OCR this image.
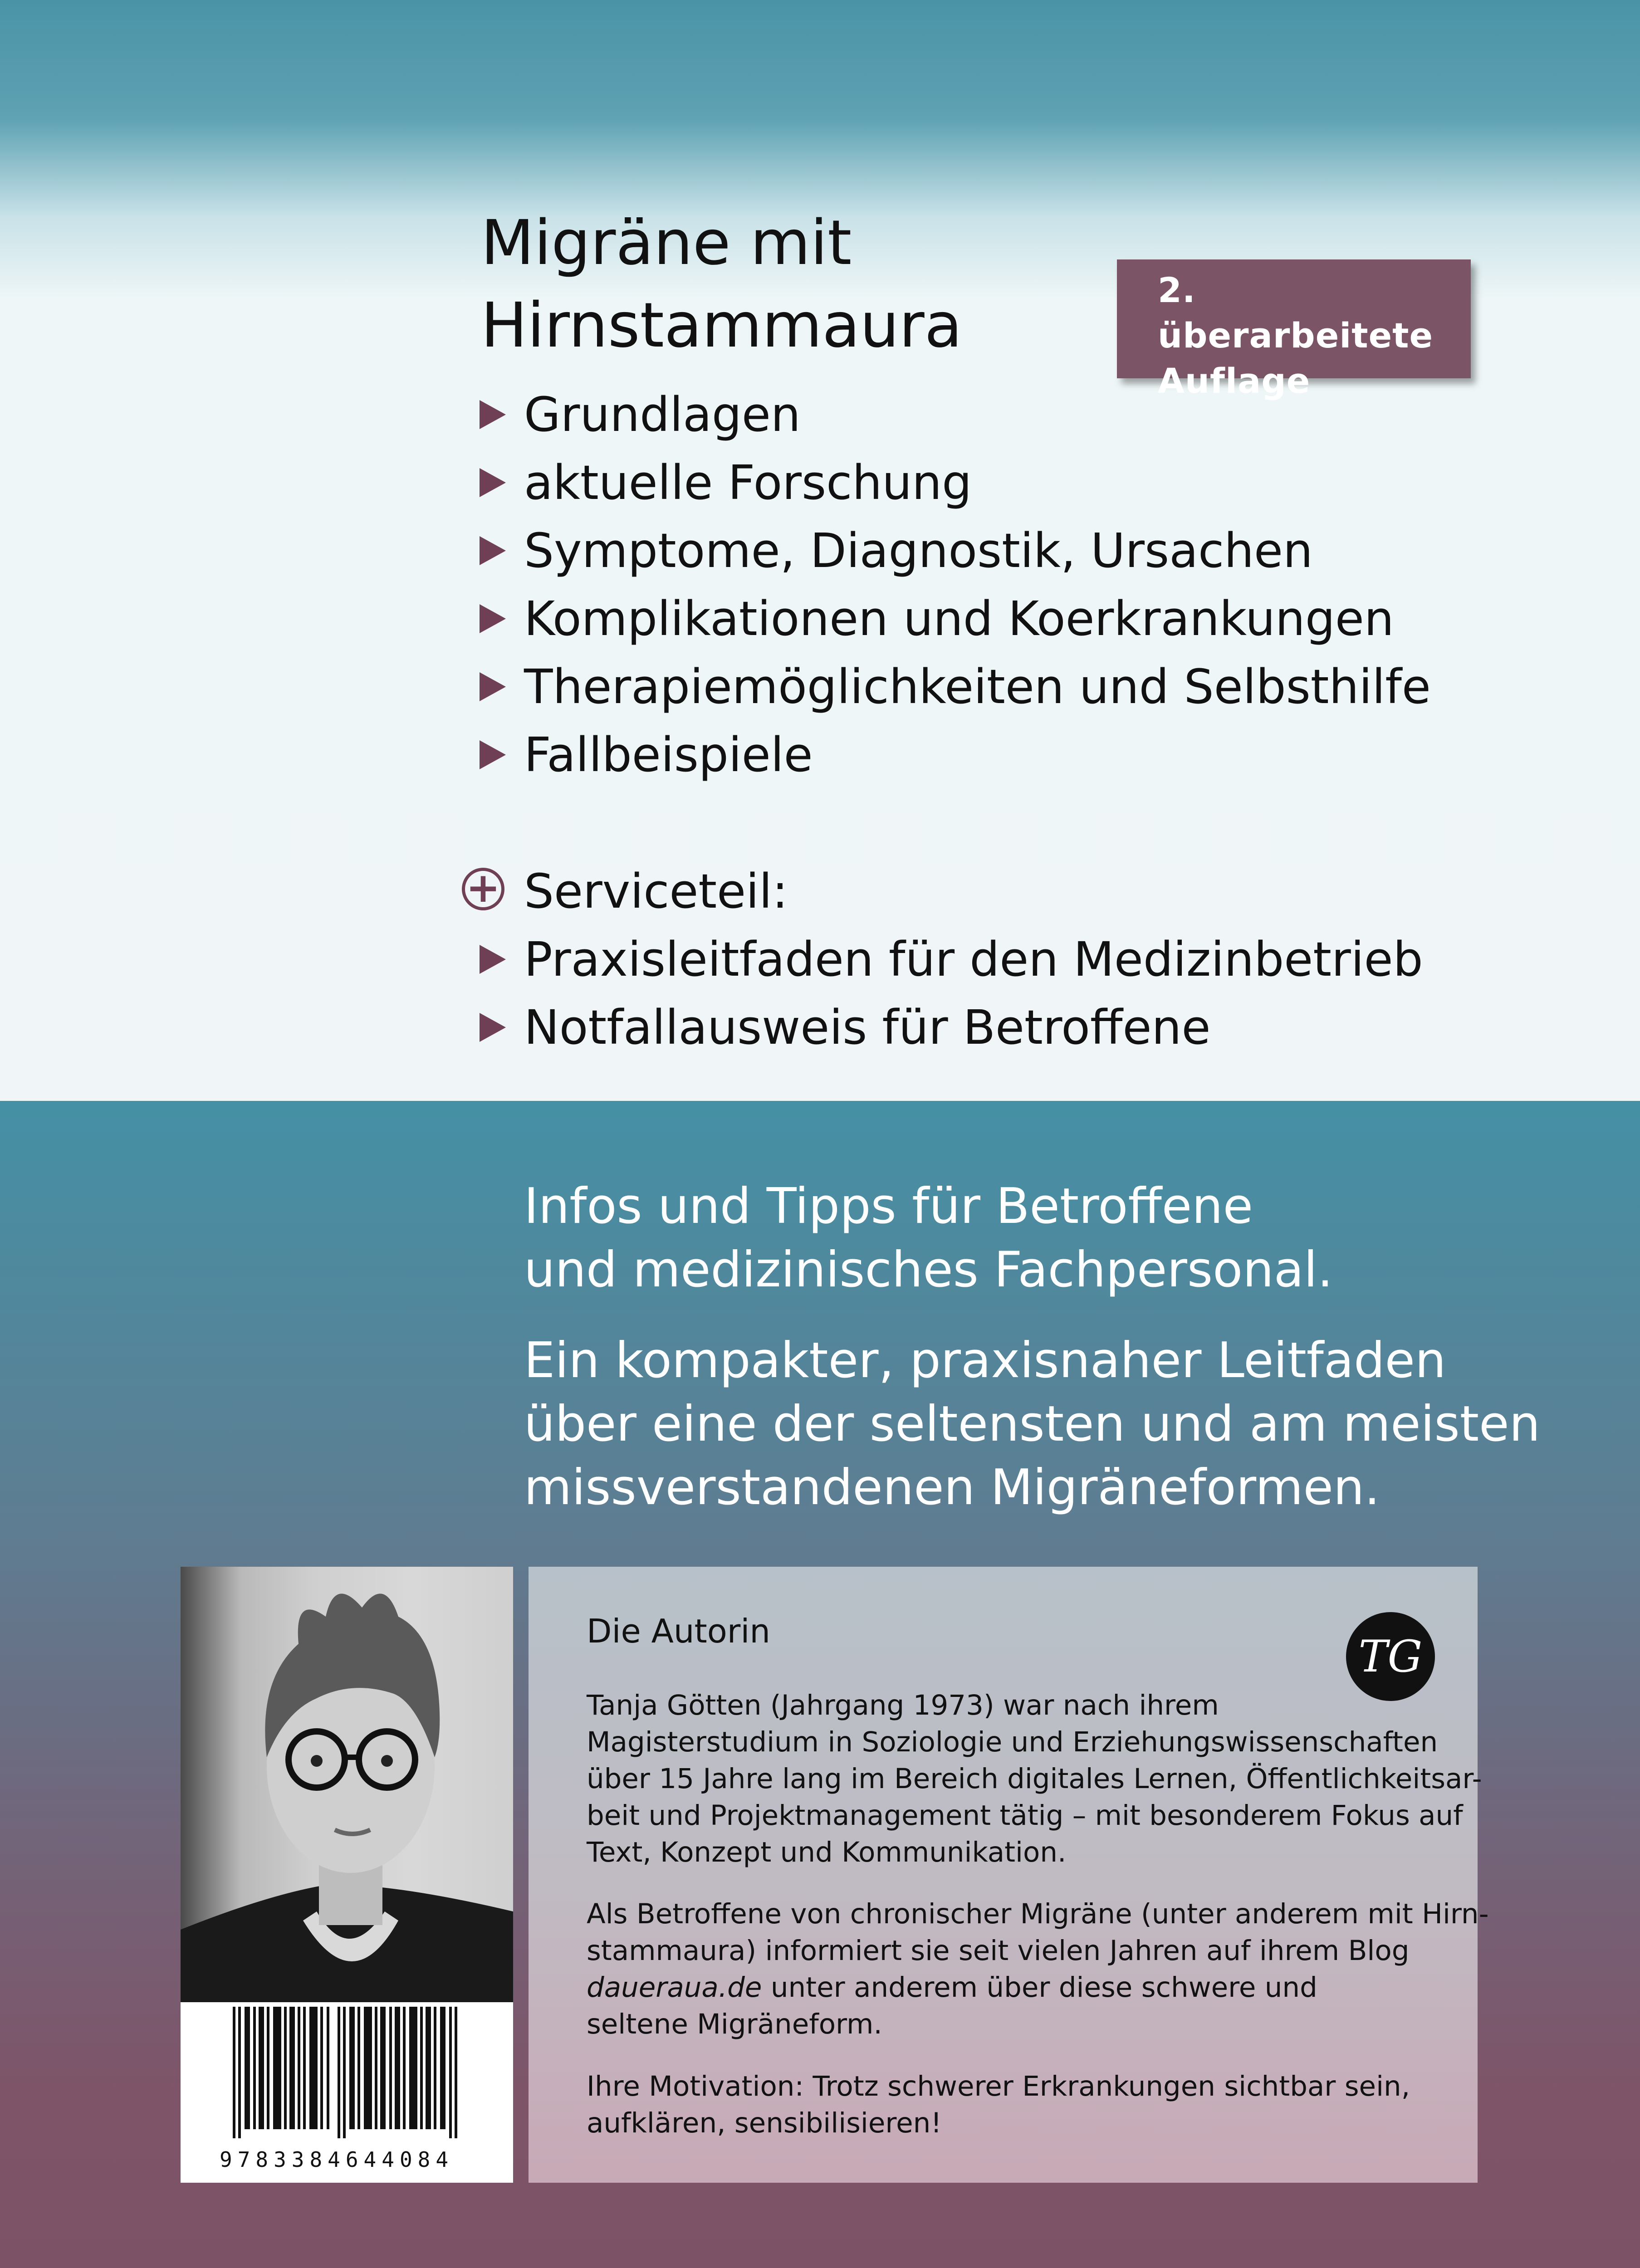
Migräne mit
Hirnstammaura	2. überarbeitete
Auflage
Grundlagen
aktuelle Forschung
Symptome, Diagnostik, Ursachen
Komplikationen und Koerkrankungen
Therapiemöglichkeiten und Selbsthilfe
Fallbeispiele
+ Serviceteil:
Praxisleitfaden für den Medizinbetrieb
Notfallausweis für Betroffene

Infos und Tipps für Betroffene
und medizinisches Fachpersonal.

Ein kompakter, praxisnaher Leitfaden
über eine der seltensten und am meisten
missverstandenen Migräneformen.

9783384644084
Die Autorin	TG
Tanja Götten (Jahrgang 1973) war nach ihrem
Magisterstudium in Soziologie und Erziehungswissenschaften
über 15 Jahre lang im Bereich digitales Lernen, Öffentlichkeitsar-
beit und Projektmanagement tätig – mit besonderem Fokus auf
Text, Konzept und Kommunikation.
Als Betroffene von chronischer Migräne (unter anderem mit Hirn-
stammaura) informiert sie seit vielen Jahren auf ihrem Blog
daueraua.de unter anderem über diese schwere und
seltene Migräneform.
Ihre Motivation: Trotz schwerer Erkrankungen sichtbar sein,
aufklären, sensibilisieren!
